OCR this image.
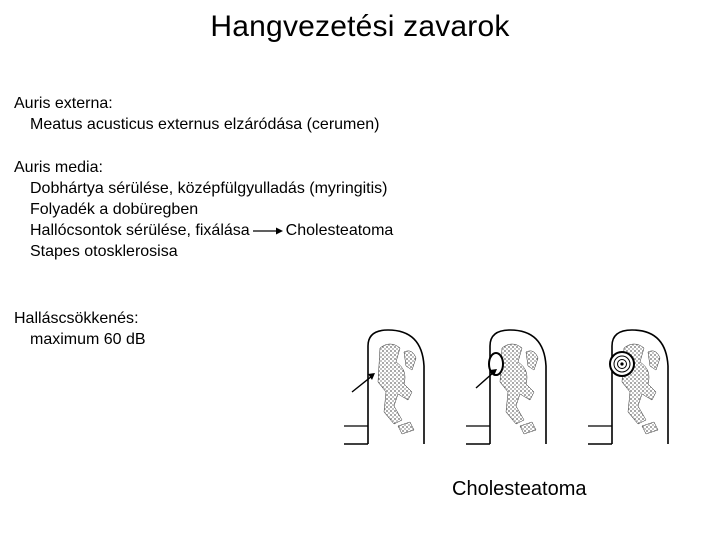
Hangvezetési zavarok
Auris externa:
Meatus acusticus externus elzáródása (cerumen)
Auris media:
Dobhártya sérülése, középfülgyulladás (myringitis)
Folyadék a dobüregben
Hallócsontok sérülése, fixálása Cholesteatoma
Stapes otosklerosisa
Halláscsökkenés:
maximum 60 dB
Cholesteatoma
